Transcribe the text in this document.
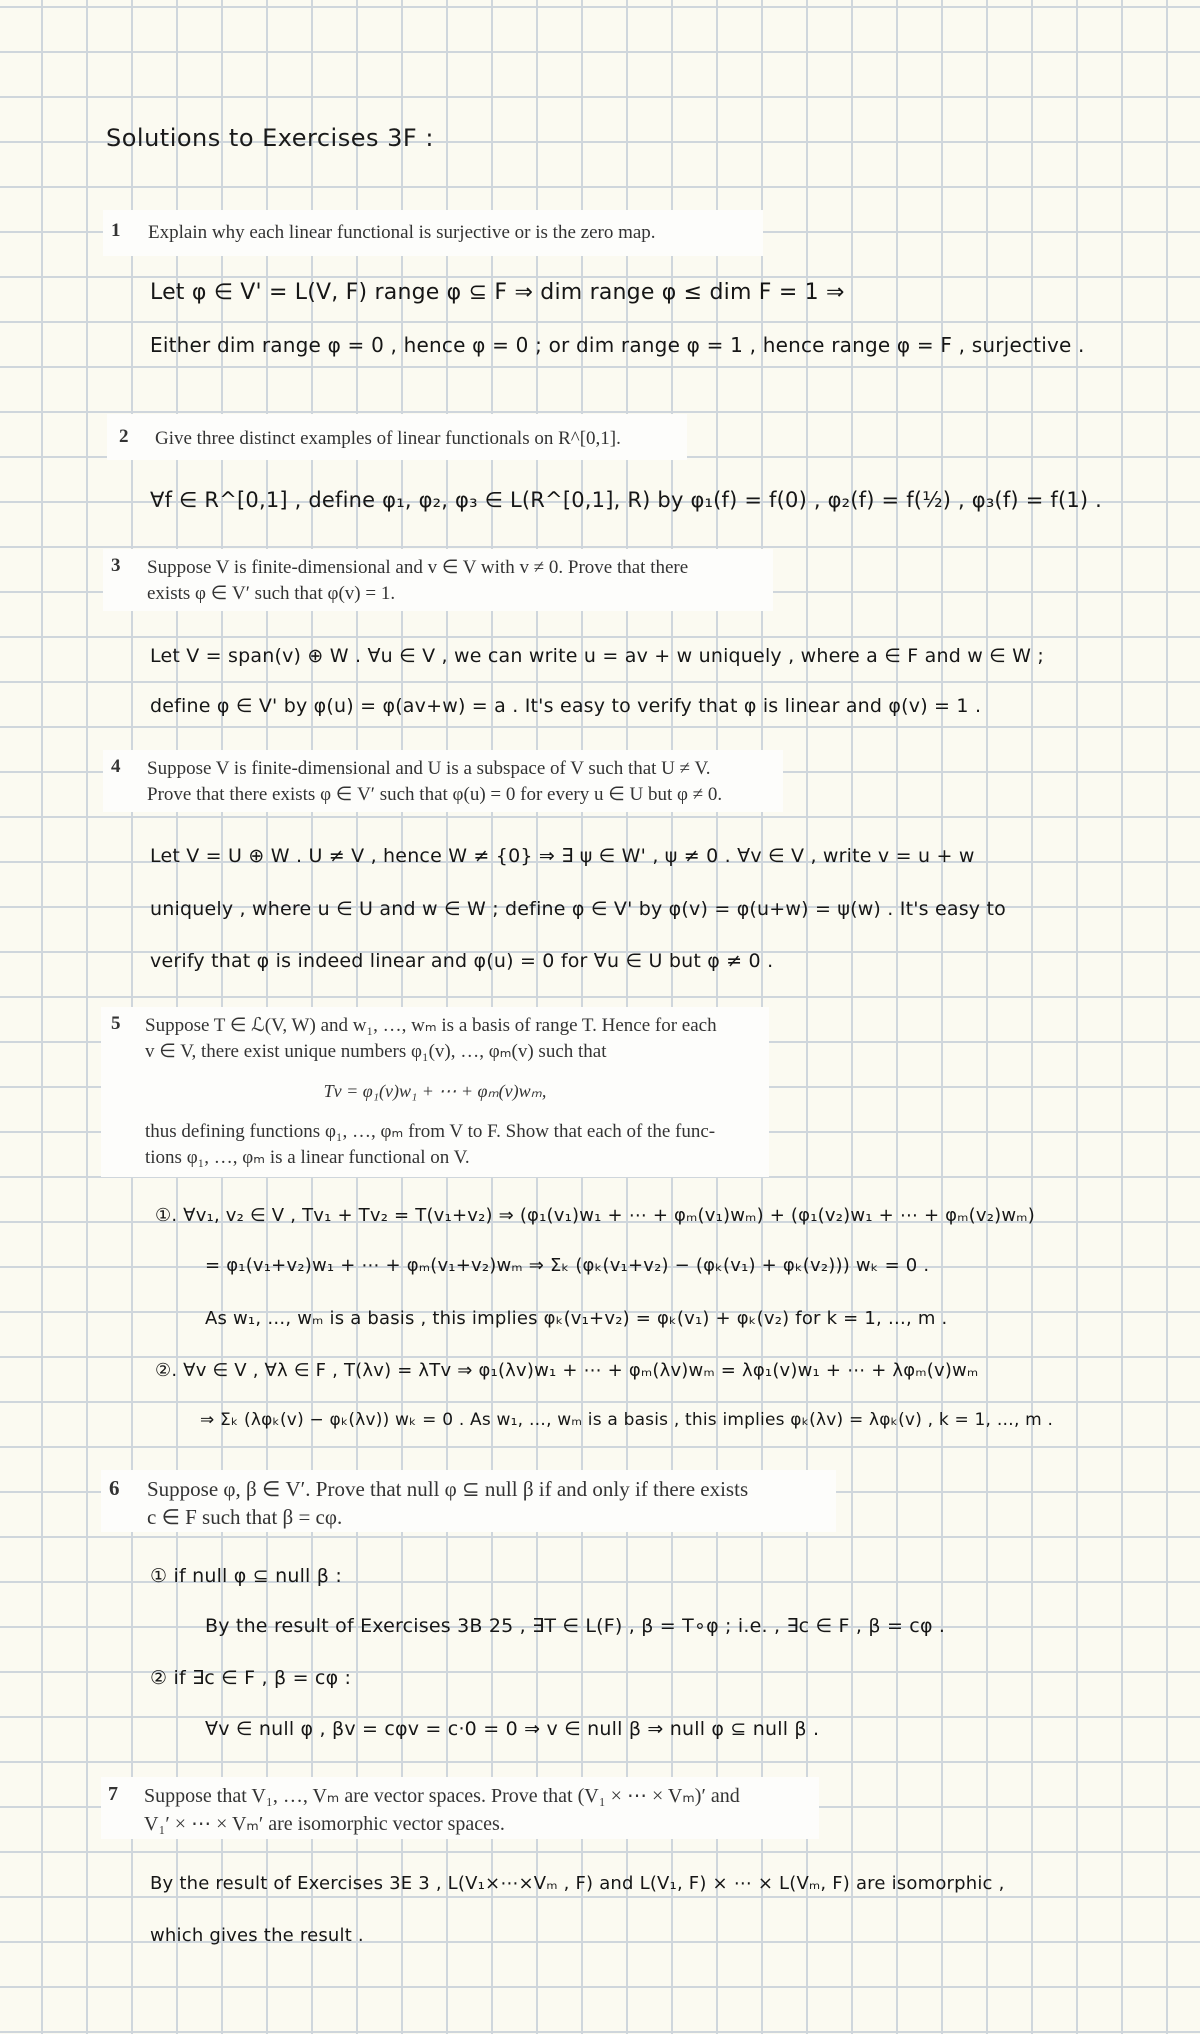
Solutions to Exercises 3F :
1 Explain why each linear functional is surjective or is the zero map.
Let φ ∈ V' = L(V, F) range φ ⊆ F ⇒ dim range φ ≤ dim F = 1 ⇒
Either dim range φ = 0 , hence φ = 0 ; or dim range φ = 1 , hence range φ = F , surjective .
2 Give three distinct examples of linear functionals on R^[0,1].
∀f ∈ R^[0,1] , define φ₁, φ₂, φ₃ ∈ L(R^[0,1], R) by φ₁(f) = f(0) , φ₂(f) = f(½) , φ₃(f) = f(1) .
3 Suppose V is finite-dimensional and v ∈ V with v ≠ 0. Prove that there
exists φ ∈ V′ such that φ(v) = 1.
Let V = span(v) ⊕ W . ∀u ∈ V , we can write u = av + w uniquely , where a ∈ F and w ∈ W ;
define φ ∈ V' by φ(u) = φ(av+w) = a . It's easy to verify that φ is linear and φ(v) = 1 .
4 Suppose V is finite-dimensional and U is a subspace of V such that U ≠ V.
Prove that there exists φ ∈ V′ such that φ(u) = 0 for every u ∈ U but φ ≠ 0.
Let V = U ⊕ W . U ≠ V , hence W ≠ {0} ⇒ ∃ ψ ∈ W' , ψ ≠ 0 . ∀v ∈ V , write v = u + w
uniquely , where u ∈ U and w ∈ W ; define φ ∈ V' by φ(v) = φ(u+w) = ψ(w) . It's easy to
verify that φ is indeed linear and φ(u) = 0 for ∀u ∈ U but φ ≠ 0 .
5 Suppose T ∈ ℒ(V, W) and w₁, …, wₘ is a basis of range T. Hence for each
v ∈ V, there exist unique numbers φ₁(v), …, φₘ(v) such that
Tv = φ₁(v)w₁ + ⋯ + φₘ(v)wₘ,
thus defining functions φ₁, …, φₘ from V to F. Show that each of the func-
tions φ₁, …, φₘ is a linear functional on V.
①. ∀v₁, v₂ ∈ V , Tv₁ + Tv₂ = T(v₁+v₂) ⇒ (φ₁(v₁)w₁ + ⋯ + φₘ(v₁)wₘ) + (φ₁(v₂)w₁ + ⋯ + φₘ(v₂)wₘ)
= φ₁(v₁+v₂)w₁ + ⋯ + φₘ(v₁+v₂)wₘ ⇒ Σₖ (φₖ(v₁+v₂) − (φₖ(v₁) + φₖ(v₂))) wₖ = 0 .
As w₁, …, wₘ is a basis , this implies φₖ(v₁+v₂) = φₖ(v₁) + φₖ(v₂) for k = 1, …, m .
②. ∀v ∈ V , ∀λ ∈ F , T(λv) = λTv ⇒ φ₁(λv)w₁ + ⋯ + φₘ(λv)wₘ = λφ₁(v)w₁ + ⋯ + λφₘ(v)wₘ
⇒ Σₖ (λφₖ(v) − φₖ(λv)) wₖ = 0 . As w₁, …, wₘ is a basis , this implies φₖ(λv) = λφₖ(v) , k = 1, …, m .
6 Suppose φ, β ∈ V′. Prove that null φ ⊆ null β if and only if there exists
c ∈ F such that β = cφ.
① if null φ ⊆ null β :
By the result of Exercises 3B 25 , ∃T ∈ L(F) , β = T∘φ ; i.e. , ∃c ∈ F , β = cφ .
② if ∃c ∈ F , β = cφ :
∀v ∈ null φ , βv = cφv = c·0 = 0 ⇒ v ∈ null β ⇒ null φ ⊆ null β .
7 Suppose that V₁, …, Vₘ are vector spaces. Prove that (V₁ × ⋯ × Vₘ)′ and
V₁′ × ⋯ × Vₘ′ are isomorphic vector spaces.
By the result of Exercises 3E 3 , L(V₁×⋯×Vₘ , F) and L(V₁, F) × ⋯ × L(Vₘ, F) are isomorphic ,
which gives the result .
